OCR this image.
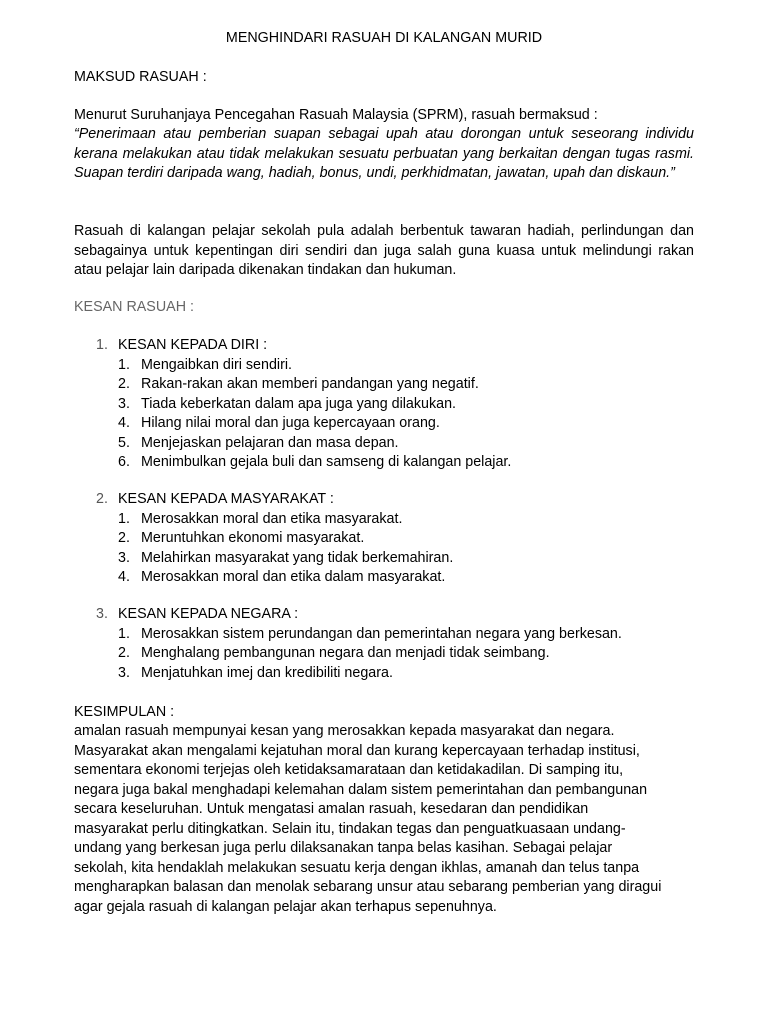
MENGHINDARI RASUAH DI KALANGAN MURID
MAKSUD RASUAH :
Menurut Suruhanjaya Pencegahan Rasuah Malaysia (SPRM), rasuah bermaksud :
“Penerimaan atau pemberian suapan sebagai upah atau dorongan untuk seseorang individu kerana melakukan atau tidak melakukan sesuatu perbuatan yang berkaitan dengan tugas rasmi. Suapan terdiri daripada wang, hadiah, bonus, undi, perkhidmatan, jawatan, upah dan diskaun.”
Rasuah di kalangan pelajar sekolah pula adalah berbentuk tawaran hadiah, perlindungan dan sebagainya untuk kepentingan diri sendiri dan juga salah guna kuasa untuk melindungi rakan atau pelajar lain daripada dikenakan tindakan dan hukuman.
KESAN RASUAH :
1. KESAN KEPADA DIRI :
1. Mengaibkan diri sendiri.
2. Rakan-rakan akan memberi pandangan yang negatif.
3. Tiada keberkatan dalam apa juga yang dilakukan.
4. Hilang nilai moral dan juga kepercayaan orang.
5. Menjejaskan pelajaran dan masa depan.
6. Menimbulkan gejala buli dan samseng di kalangan pelajar.
2. KESAN KEPADA MASYARAKAT :
1. Merosakkan moral dan etika masyarakat.
2. Meruntuhkan ekonomi masyarakat.
3. Melahirkan masyarakat yang tidak berkemahiran.
4. Merosakkan moral dan etika dalam masyarakat.
3. KESAN KEPADA NEGARA :
1. Merosakkan sistem perundangan dan pemerintahan negara yang berkesan.
2. Menghalang pembangunan negara dan menjadi tidak seimbang.
3. Menjatuhkan imej dan kredibiliti negara.
KESIMPULAN :
amalan rasuah mempunyai kesan yang merosakkan kepada masyarakat dan negara.
Masyarakat akan mengalami kejatuhan moral dan kurang kepercayaan terhadap institusi,
sementara ekonomi terjejas oleh ketidaksamarataan dan ketidakadilan. Di samping itu,
negara juga bakal menghadapi kelemahan dalam sistem pemerintahan dan pembangunan
secara keseluruhan. Untuk mengatasi amalan rasuah, kesedaran dan pendidikan
masyarakat perlu ditingkatkan. Selain itu, tindakan tegas dan penguatkuasaan undang-
undang yang berkesan juga perlu dilaksanakan tanpa belas kasihan. Sebagai pelajar
sekolah, kita hendaklah melakukan sesuatu kerja dengan ikhlas, amanah dan telus tanpa
mengharapkan balasan dan menolak sebarang unsur atau sebarang pemberian yang diragui
agar gejala rasuah di kalangan pelajar akan terhapus sepenuhnya.
